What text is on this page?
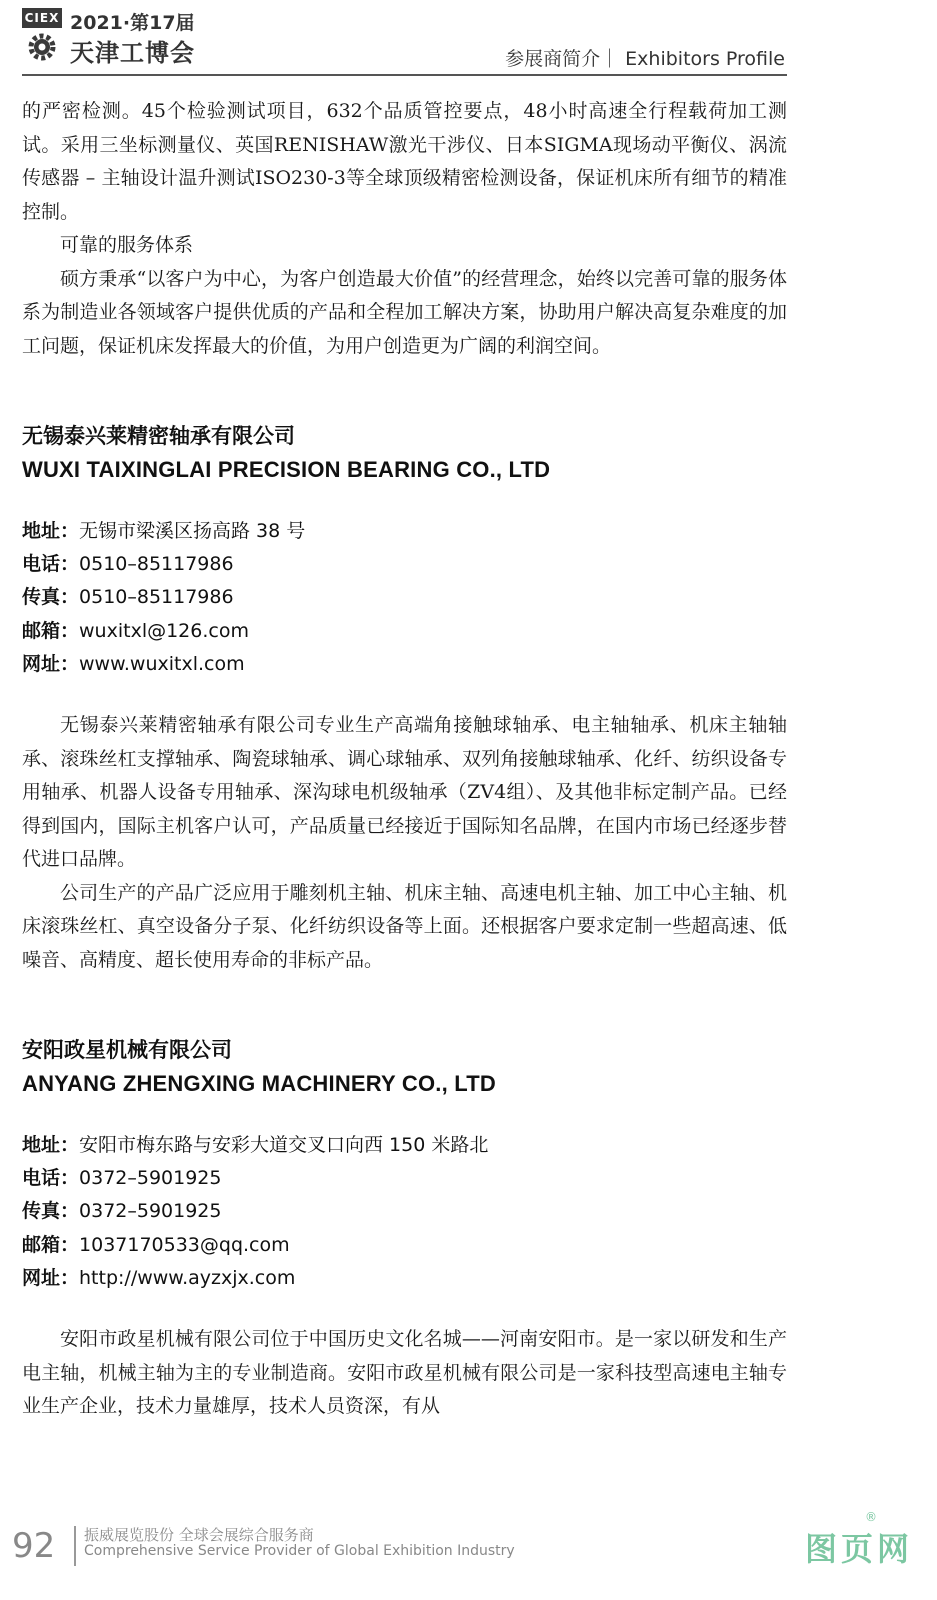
CIEX 2021·第17届
天津工博会	参展商简介｜ Exhibitors Profile

的严密检测。45个检验测试项目，632个品质管控要点，48小时高速全行程载荷加工测试。采用三坐标测量仪、英国RENISHAW激光干涉仪、日本SIGMA现场动平衡仪、涡流传感器 – 主轴设计温升测试ISO230-3等全球顶级精密检测设备，保证机床所有细节的精准控制。

可靠的服务体系

硕方秉承“以客户为中心，为客户创造最大价值”的经营理念，始终以完善可靠的服务体系为制造业各领域客户提供优质的产品和全程加工解决方案，协助用户解决高复杂难度的加工问题，保证机床发挥最大的价值，为用户创造更为广阔的利润空间。

无锡泰兴莱精密轴承有限公司
WUXI TAIXINGLAI PRECISION BEARING CO., LTD
地址：无锡市梁溪区扬高路 38 号
电话：0510–85117986
传真：0510–85117986
邮箱：wuxitxl@126.com
网址：www.wuxitxl.com

无锡泰兴莱精密轴承有限公司专业生产高端角接触球轴承、电主轴轴承、机床主轴轴承、滚珠丝杠支撑轴承、陶瓷球轴承、调心球轴承、双列角接触球轴承、化纤、纺织设备专用轴承、机器人设备专用轴承、深沟球电机级轴承（ZV4组）、及其他非标定制产品。已经得到国内，国际主机客户认可，产品质量已经接近于国际知名品牌，在国内市场已经逐步替代进口品牌。

公司生产的产品广泛应用于雕刻机主轴、机床主轴、高速电机主轴、加工中心主轴、机床滚珠丝杠、真空设备分子泵、化纤纺织设备等上面。还根据客户要求定制一些超高速、低噪音、高精度、超长使用寿命的非标产品。

安阳政星机械有限公司
ANYANG ZHENGXING MACHINERY CO., LTD
地址：安阳市梅东路与安彩大道交叉口向西 150 米路北
电话：0372–5901925
传真：0372–5901925
邮箱：1037170533@qq.com
网址：http://www.ayzxjx.com

安阳市政星机械有限公司位于中国历史文化名城——河南安阳市。是一家以研发和生产电主轴，机械主轴为主的专业制造商。安阳市政星机械有限公司是一家科技型高速电主轴专业生产企业，技术力量雄厚，技术人员资深，有从

92 振威展览股份 全球会展综合服务商
Comprehensive Service Provider of Global Exhibition Industry	图页网
®
